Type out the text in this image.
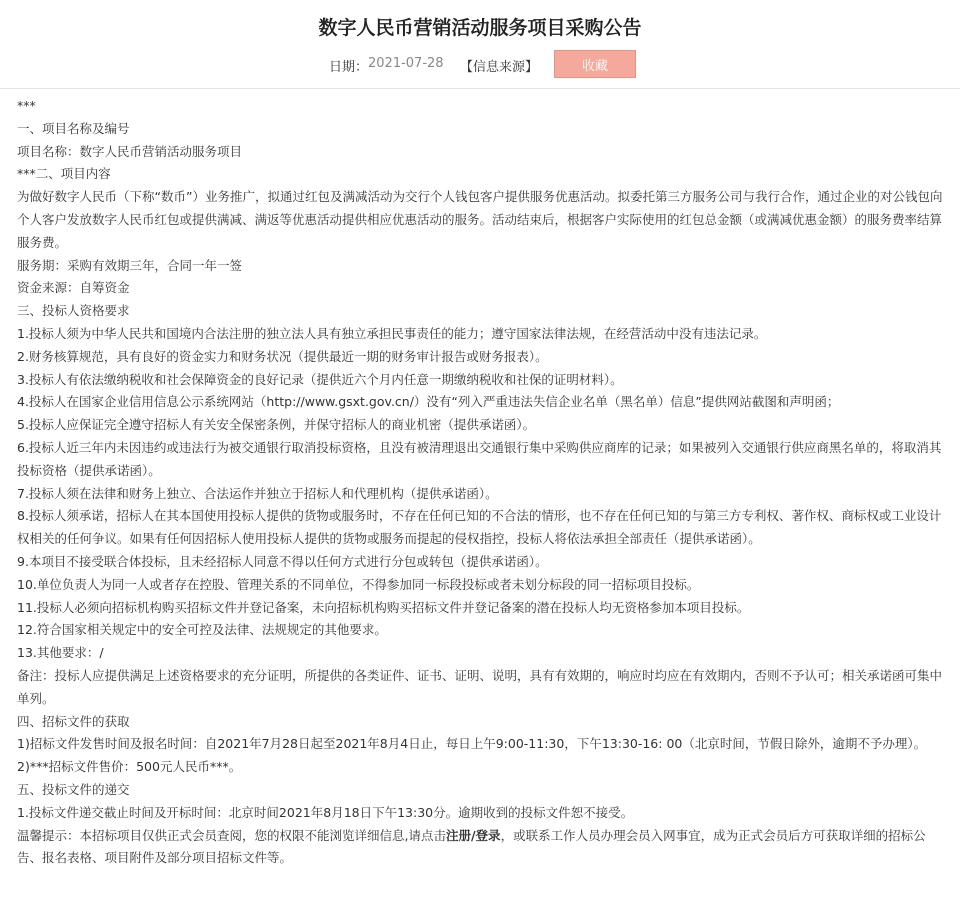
数字人民币营销活动服务项目采购公告
日期： 2021-07-28 【信息来源】	收藏

***

一、项目名称及编号

项目名称：数字人民币营销活动服务项目

***二、项目内容

为做好数字人民币（下称“数币”）业务推广，拟通过红包及满减活动为交行个人钱包客户提供服务优惠活动。拟委托第三方服务公司与我行合作，通过企业的对公钱包向个人客户发放数字人民币红包或提供满减、满返等优惠活动提供相应优惠活动的服务。活动结束后，根据客户实际使用的红包总金额（或满减优惠金额）的服务费率结算服务费。

服务期：采购有效期三年，合同一年一签

资金来源：自筹资金

三、投标人资格要求

1.投标人须为中华人民共和国境内合法注册的独立法人具有独立承担民事责任的能力；遵守国家法律法规，在经营活动中没有违法记录。

2.财务核算规范，具有良好的资金实力和财务状况（提供最近一期的财务审计报告或财务报表）。

3.投标人有依法缴纳税收和社会保障资金的良好记录（提供近六个月内任意一期缴纳税收和社保的证明材料）。

4.投标人在国家企业信用信息公示系统网站（http://www.gsxt.gov.cn/）没有“列入严重违法失信企业名单（黑名单）信息”提供网站截图和声明函；

5.投标人应保证完全遵守招标人有关安全保密条例，并保守招标人的商业机密（提供承诺函）。

6.投标人近三年内未因违约或违法行为被交通银行取消投标资格，且没有被清理退出交通银行集中采购供应商库的记录；如果被列入交通银行供应商黑名单的，将取消其投标资格（提供承诺函）。

7.投标人须在法律和财务上独立、合法运作并独立于招标人和代理机构（提供承诺函）。

8.投标人须承诺，招标人在其本国使用投标人提供的货物或服务时，不存在任何已知的不合法的情形，也不存在任何已知的与第三方专利权、著作权、商标权或工业设计权相关的任何争议。如果有任何因招标人使用投标人提供的货物或服务而提起的侵权指控，投标人将依法承担全部责任（提供承诺函）。

9.本项目不接受联合体投标，且未经招标人同意不得以任何方式进行分包或转包（提供承诺函）。

10.单位负责人为同一人或者存在控股、管理关系的不同单位，不得参加同一标段投标或者未划分标段的同一招标项目投标。

11.投标人必须向招标机构购买招标文件并登记备案，未向招标机构购买招标文件并登记备案的潜在投标人均无资格参加本项目投标。

12.符合国家相关规定中的安全可控及法律、法规规定的其他要求。

13.其他要求：/

备注：投标人应提供满足上述资格要求的充分证明，所提供的各类证件、证书、证明、说明，具有有效期的，响应时均应在有效期内，否则不予认可；相关承诺函可集中单列。

四、招标文件的获取

1)招标文件发售时间及报名时间：自2021年7月28日起至2021年8月4日止，每日上午9:00-11:30，下午13:30-16: 00（北京时间，节假日除外，逾期不予办理）。

2)***招标文件售价：500元人民币***。

五、投标文件的递交

1.投标文件递交截止时间及开标时间：北京时间2021年8月18日下午13:30分。逾期收到的投标文件恕不接受。

温馨提示：本招标项目仅供正式会员查阅，您的权限不能浏览详细信息,请点击注册/登录，或联系工作人员办理会员入网事宜，成为正式会员后方可获取详细的招标公告、报名表格、项目附件及部分项目招标文件等。
